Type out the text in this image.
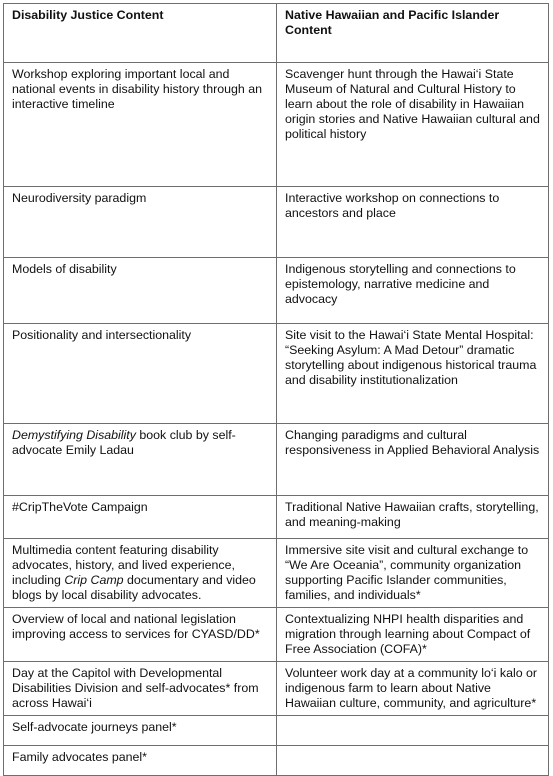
Disability Justice Content	Native Hawaiian and Pacific Islander Content
Workshop exploring important local and national events in disability history through an interactive timeline	Scavenger hunt through the Hawai‘i State Museum of Natural and Cultural History to learn about the role of disability in Hawaiian origin stories and Native Hawaiian cultural and political history
Neurodiversity paradigm	Interactive workshop on connections to ancestors and place
Models of disability	Indigenous storytelling and connections to epistemology, narrative medicine and advocacy
Positionality and intersectionality	Site visit to the Hawai‘i State Mental Hospital: “Seeking Asylum: A Mad Detour” dramatic storytelling about indigenous historical trauma and disability institutionalization
Demystifying Disability book club by self-advocate Emily Ladau	Changing paradigms and cultural responsiveness in Applied Behavioral Analysis
#CripTheVote Campaign	Traditional Native Hawaiian crafts, storytelling, and meaning-making
Multimedia content featuring disability advocates, history, and lived experience, including Crip Camp documentary and video blogs by local disability advocates.	Immersive site visit and cultural exchange to “We Are Oceania”, community organization supporting Pacific Islander communities, families, and individuals*
Overview of local and national legislation improving access to services for CYASD/DD*	Contextualizing NHPI health disparities and migration through learning about Compact of Free Association (COFA)*
Day at the Capitol with Developmental Disabilities Division and self-advocates* from across Hawai‘i	Volunteer work day at a community lo‘i kalo or indigenous farm to learn about Native Hawaiian culture, community, and agriculture*
Self-advocate journeys panel*	
Family advocates panel*	
